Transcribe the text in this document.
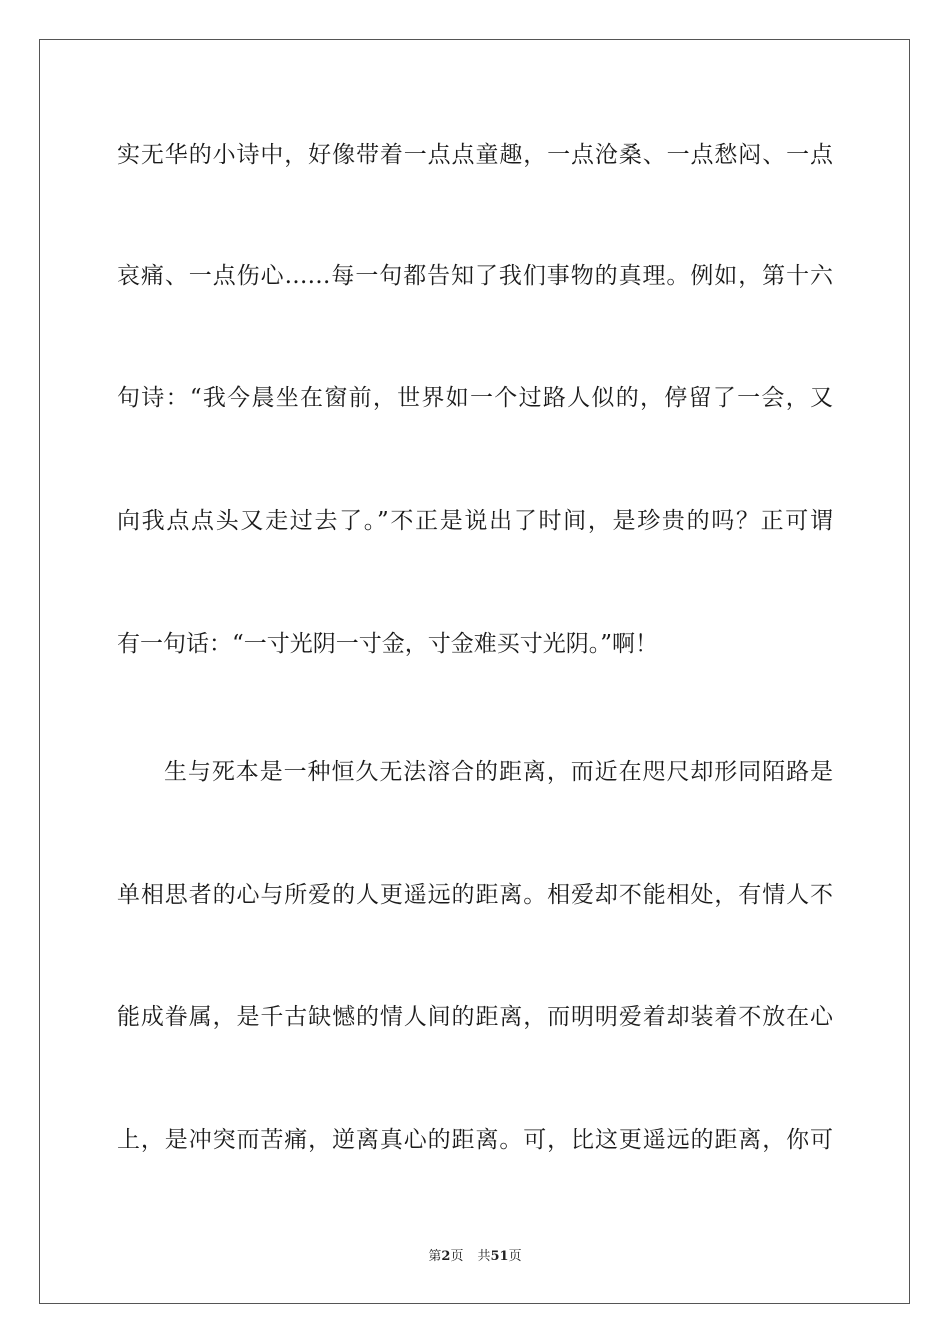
实无华的小诗中，好像带着一点点童趣，一点沧桑、一点愁闷、一点
哀痛、一点伤心……每一句都告知了我们事物的真理。例如，第十六
句诗：“我今晨坐在窗前，世界如一个过路人似的，停留了一会，又
向我点点头又走过去了。”不正是说出了时间，是珍贵的吗？正可谓
有一句话：“一寸光阴一寸金，寸金难买寸光阴。”啊！
生与死本是一种恒久无法溶合的距离，而近在咫尺却形同陌路是
单相思者的心与所爱的人更遥远的距离。相爱却不能相处，有情人不
能成眷属，是千古缺憾的情人间的距离，而明明爱着却装着不放在心
上，是冲突而苦痛，逆离真心的距离。可，比这更遥远的距离，你可
第2页 共51页
